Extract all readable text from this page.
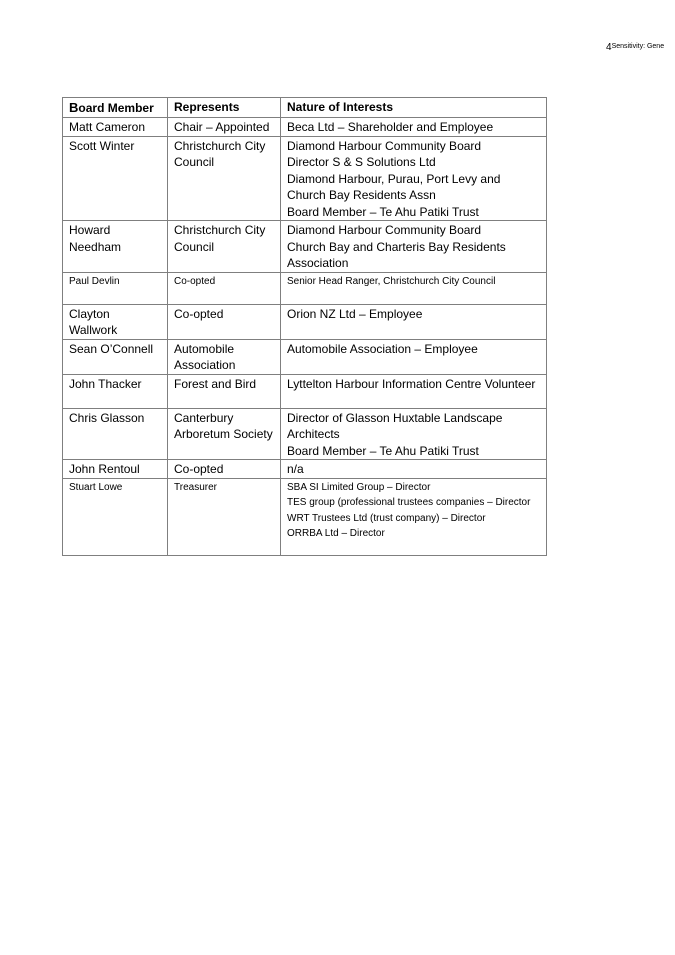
4Sensitivity: Gene
Board Member	Represents	Nature of Interests
Matt Cameron	Chair – Appointed	Beca Ltd – Shareholder and Employee

Scott Winter	Christchurch City Council	Diamond Harbour Community Board
Director S & S Solutions Ltd
Diamond Harbour, Purau, Port Levy and Church Bay Residents Assn
Board Member – Te Ahu Patiki Trust

Howard Needham	Christchurch City Council	Diamond Harbour Community Board
Church Bay and Charteris Bay Residents Association

Paul Devlin	Co-opted	Senior Head Ranger, Christchurch City Council

Clayton Wallwork	Co-opted	Orion NZ Ltd – Employee

Sean O’Connell	Automobile Association	Automobile Association – Employee

John Thacker	Forest and Bird	Lyttelton Harbour Information Centre Volunteer

Chris Glasson	Canterbury Arboretum Society	Director of Glasson Huxtable Landscape Architects
Board Member – Te Ahu Patiki Trust

John Rentoul	Co-opted	n/a

Stuart Lowe	Treasurer	SBA SI Limited Group – Director
TES group (professional trustees companies – Director
WRT Trustees Ltd (trust company) – Director
ORRBA Ltd – Director
